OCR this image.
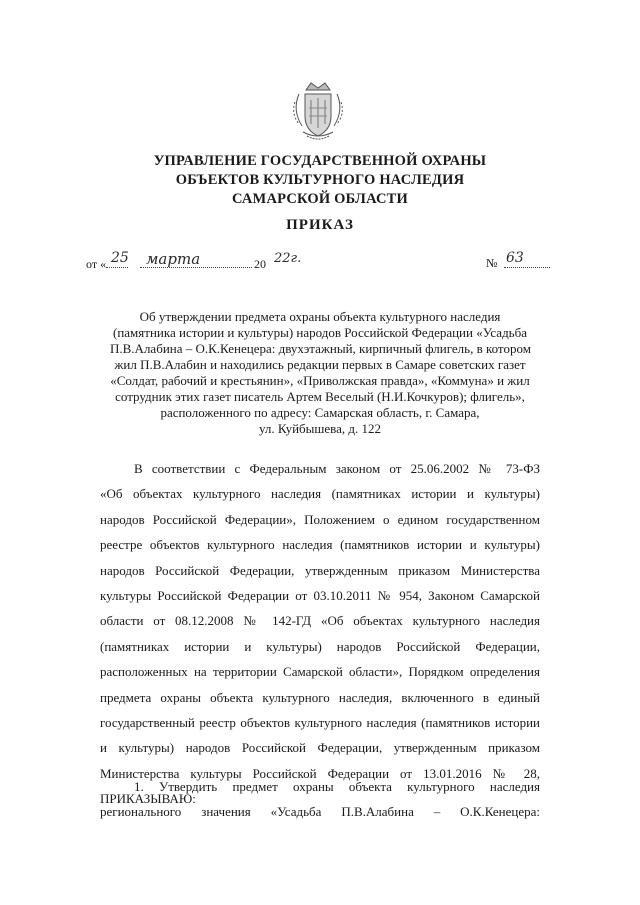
УПРАВЛЕНИЕ ГОСУДАРСТВЕННОЙ ОХРАНЫ
ОБЪЕКТОВ КУЛЬТУРНОГО НАСЛЕДИЯ
САМАРСКОЙ ОБЛАСТИ
ПРИКАЗ
от « 25 марта	20 22г.	№ 63
Об утверждении предмета охраны объекта культурного наследия
(памятника истории и культуры) народов Российской Федерации «Усадьба
П.В.Алабина – О.К.Кенецера: двухэтажный, кирпичный флигель, в котором
жил П.В.Алабин и находились редакции первых в Самаре советских газет
«Солдат, рабочий и крестьянин», «Приволжская правда», «Коммуна» и жил
сотрудник этих газет писатель Артем Веселый (Н.И.Кочкуров); флигель»,
расположенного по адресу: Самарская область, г. Самара,
ул. Куйбышева, д. 122
В соответствии с Федеральным законом от 25.06.2002 № 73-ФЗ
«Об объектах культурного наследия (памятниках истории и культуры)
народов Российской Федерации», Положением о едином государственном
реестре объектов культурного наследия (памятников истории и культуры)
народов Российской Федерации, утвержденным приказом Министерства
культуры Российской Федерации от 03.10.2011 № 954, Законом Самарской
области от 08.12.2008 № 142-ГД «Об объектах культурного наследия
(памятниках истории и культуры) народов Российской Федерации,
расположенных на территории Самарской области», Порядком определения
предмета охраны объекта культурного наследия, включенного в единый
государственный реестр объектов культурного наследия (памятников истории
и культуры) народов Российской Федерации, утвержденным приказом
Министерства культуры Российской Федерации от 13.01.2016 № 28,
ПРИКАЗЫВАЮ:
1. Утвердить предмет охраны объекта культурного наследия
регионального значения «Усадьба П.В.Алабина – О.К.Кенецера:
